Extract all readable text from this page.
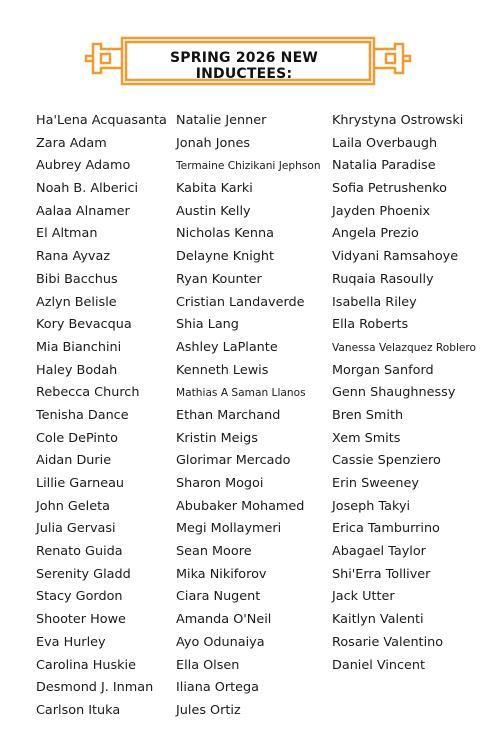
SPRING 2026 NEW INDUCTEES:
Ha'Lena Acquasanta
Zara Adam
Aubrey Adamo
Noah B. Alberici
Aalaa Alnamer
El Altman
Rana Ayvaz
Bibi Bacchus
Azlyn Belisle
Kory Bevacqua
Mia Bianchini
Haley Bodah
Rebecca Church
Tenisha Dance
Cole DePinto
Aidan Durie
Lillie Garneau
John Geleta
Julia Gervasi
Renato Guida
Serenity Gladd
Stacy Gordon
Shooter Howe
Eva Hurley
Carolina Huskie
Desmond J. Inman
Carlson Ituka
Natalie Jenner
Jonah Jones
Termaine Chizikani Jephson
Kabita Karki
Austin Kelly
Nicholas Kenna
Delayne Knight
Ryan Kounter
Cristian Landaverde
Shia Lang
Ashley LaPlante
Kenneth Lewis
Mathias A Saman Llanos
Ethan Marchand
Kristin Meigs
Glorimar Mercado
Sharon Mogoi
Abubaker Mohamed
Megi Mollaymeri
Sean Moore
Mika Nikiforov
Ciara Nugent
Amanda O'Neil
Ayo Odunaiya
Ella Olsen
Iliana Ortega
Jules Ortiz
Khrystyna Ostrowski
Laila Overbaugh
Natalia Paradise
Sofia Petrushenko
Jayden Phoenix
Angela Prezio
Vidyani Ramsahoye
Ruqaia Rasoully
Isabella Riley
Ella Roberts
Vanessa Velazquez Roblero
Morgan Sanford
Genn Shaughnessy
Bren Smith
Xem Smits
Cassie Spenziero
Erin Sweeney
Joseph Takyi
Erica Tamburrino
Abagael Taylor
Shi'Erra Tolliver
Jack Utter
Kaitlyn Valenti
Rosarie Valentino
Daniel Vincent
